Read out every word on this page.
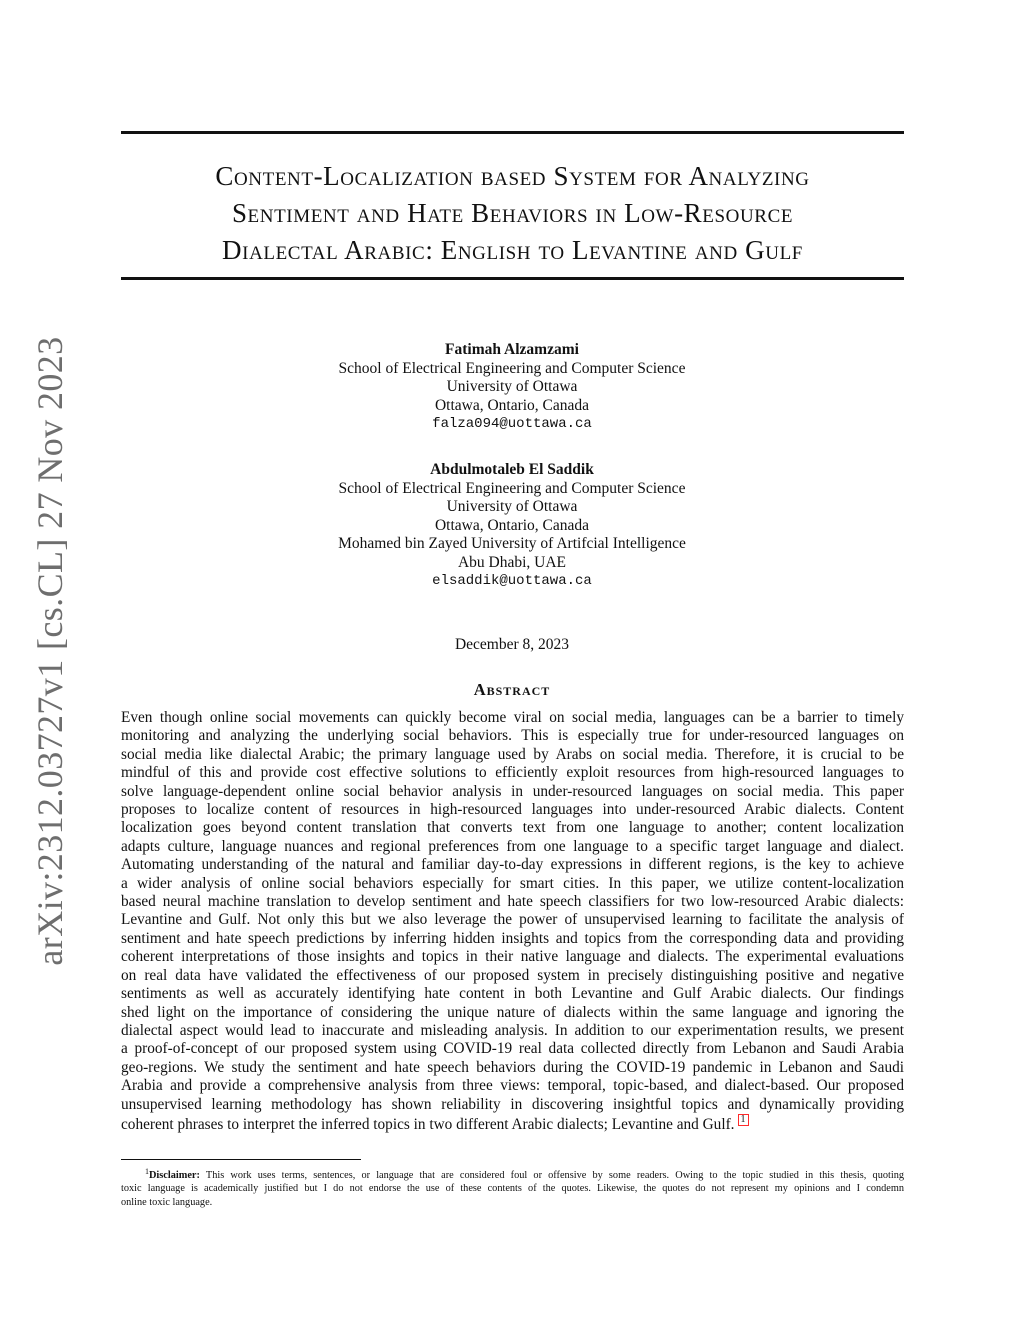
arXiv:2312.03727v1 [cs.CL] 27 Nov 2023
Content-Localization based System for Analyzing
Sentiment and Hate Behaviors in Low-Resource
Dialectal Arabic: English to Levantine and Gulf
Fatimah Alzamzami
School of Electrical Engineering and Computer Science
University of Ottawa
Ottawa, Ontario, Canada
falza094@uottawa.ca
Abdulmotaleb El Saddik
School of Electrical Engineering and Computer Science
University of Ottawa
Ottawa, Ontario, Canada
Mohamed bin Zayed University of Artifcial Intelligence
Abu Dhabi, UAE
elsaddik@uottawa.ca
December 8, 2023
Abstract
Even though online social movements can quickly become viral on social media, languages can be a barrier to timely
monitoring and analyzing the underlying social behaviors. This is especially true for under-resourced languages on
social media like dialectal Arabic; the primary language used by Arabs on social media. Therefore, it is crucial to be
mindful of this and provide cost effective solutions to efficiently exploit resources from high-resourced languages to
solve language-dependent online social behavior analysis in under-resourced languages on social media. This paper
proposes to localize content of resources in high-resourced languages into under-resourced Arabic dialects. Content
localization goes beyond content translation that converts text from one language to another; content localization
adapts culture, language nuances and regional preferences from one language to a specific target language and dialect.
Automating understanding of the natural and familiar day-to-day expressions in different regions, is the key to achieve
a wider analysis of online social behaviors especially for smart cities. In this paper, we utilize content-localization
based neural machine translation to develop sentiment and hate speech classifiers for two low-resourced Arabic dialects:
Levantine and Gulf. Not only this but we also leverage the power of unsupervised learning to facilitate the analysis of
sentiment and hate speech predictions by inferring hidden insights and topics from the corresponding data and providing
coherent interpretations of those insights and topics in their native language and dialects. The experimental evaluations
on real data have validated the effectiveness of our proposed system in precisely distinguishing positive and negative
sentiments as well as accurately identifying hate content in both Levantine and Gulf Arabic dialects. Our findings
shed light on the importance of considering the unique nature of dialects within the same language and ignoring the
dialectal aspect would lead to inaccurate and misleading analysis. In addition to our experimentation results, we present
a proof-of-concept of our proposed system using COVID-19 real data collected directly from Lebanon and Saudi Arabia
geo-regions. We study the sentiment and hate speech behaviors during the COVID-19 pandemic in Lebanon and Saudi
Arabia and provide a comprehensive analysis from three views: temporal, topic-based, and dialect-based. Our proposed
unsupervised learning methodology has shown reliability in discovering insightful topics and dynamically providing
coherent phrases to interpret the inferred topics in two different Arabic dialects; Levantine and Gulf. 1
$^1$Disclaimer: This work uses terms, sentences, or language that are considered foul or offensive by some readers. Owing to the topic studied in this thesis, quoting
toxic language is academically justified but I do not endorse the use of these contents of the quotes. Likewise, the quotes do not represent my opinions and I condemn
online toxic language.
